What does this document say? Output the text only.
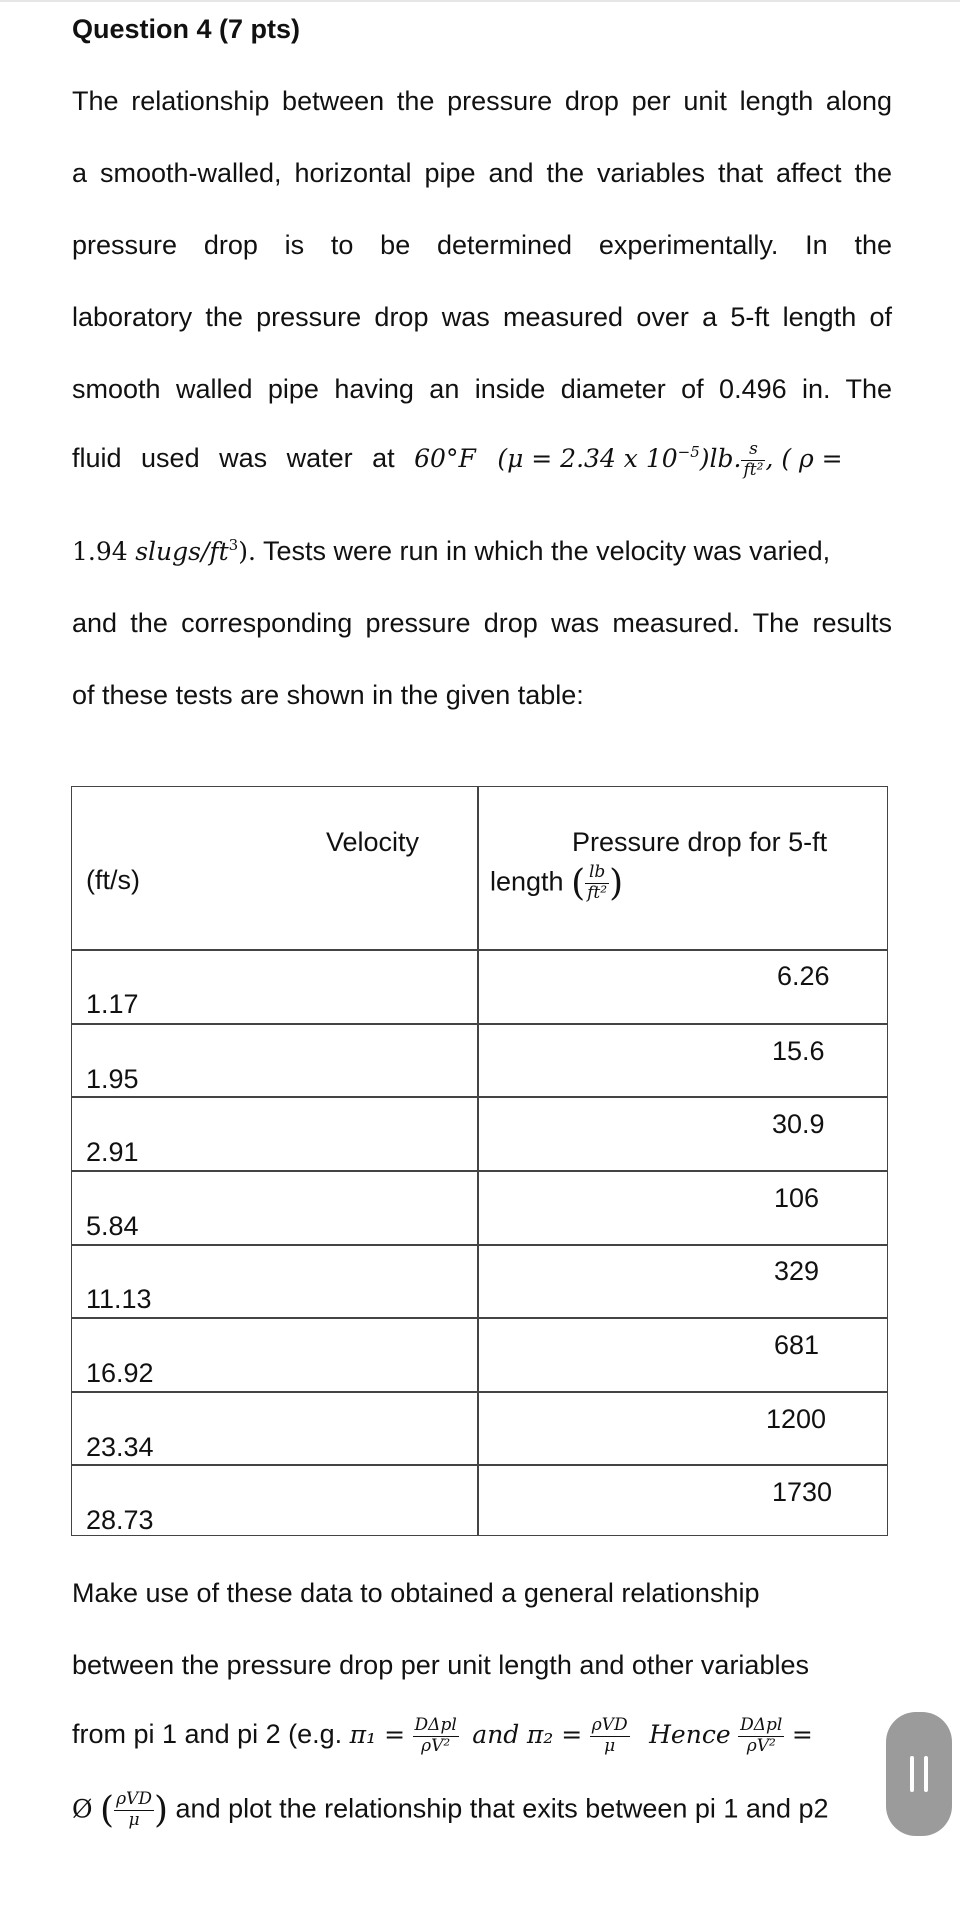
Question 4 (7 pts)
The relationship between the pressure drop per unit length along
a smooth-walled, horizontal pipe and the variables that affect the
pressure drop is to be determined experimentally. In the
laboratory the pressure drop was measured over a 5-ft length of
smooth walled pipe having an inside diameter of 0.496 in. The
fluid used was water at 60°F (μ = 2.34 x $10^{-5})lb$. $\frac{s}{\text{ft²}}$ , ( ρ =
1.94 slugs/$ft^3$). Tests were run in which the velocity was varied,
and the corresponding pressure drop was measured. The results
of these tests are shown in the given table:
Velocity
(ft/s)
Pressure drop for 5-ft
length ( $\frac{lb}{\text{ft²}}$ )
6.26
1.17
15.6
1.95
30.9
2.91
106
5.84
329
11.13
681
16.92
1200
23.34
1730
28.73
Make use of these data to obtained a general relationship
between the pressure drop per unit length and other variables
from pi 1 and pi 2 (e.g. $\pi_1 = \frac{\text{DΔpl}}{\text{ρV²}}$ and $\pi_2 = \frac{\text{ρVD}}{\mu}$ Hence $\frac{\text{DΔpl}}{\text{ρV²}}$ =
Ø ( $\frac{\text{ρVD}}{\mu}$ ) and plot the relationship that exits between pi 1 and p2
